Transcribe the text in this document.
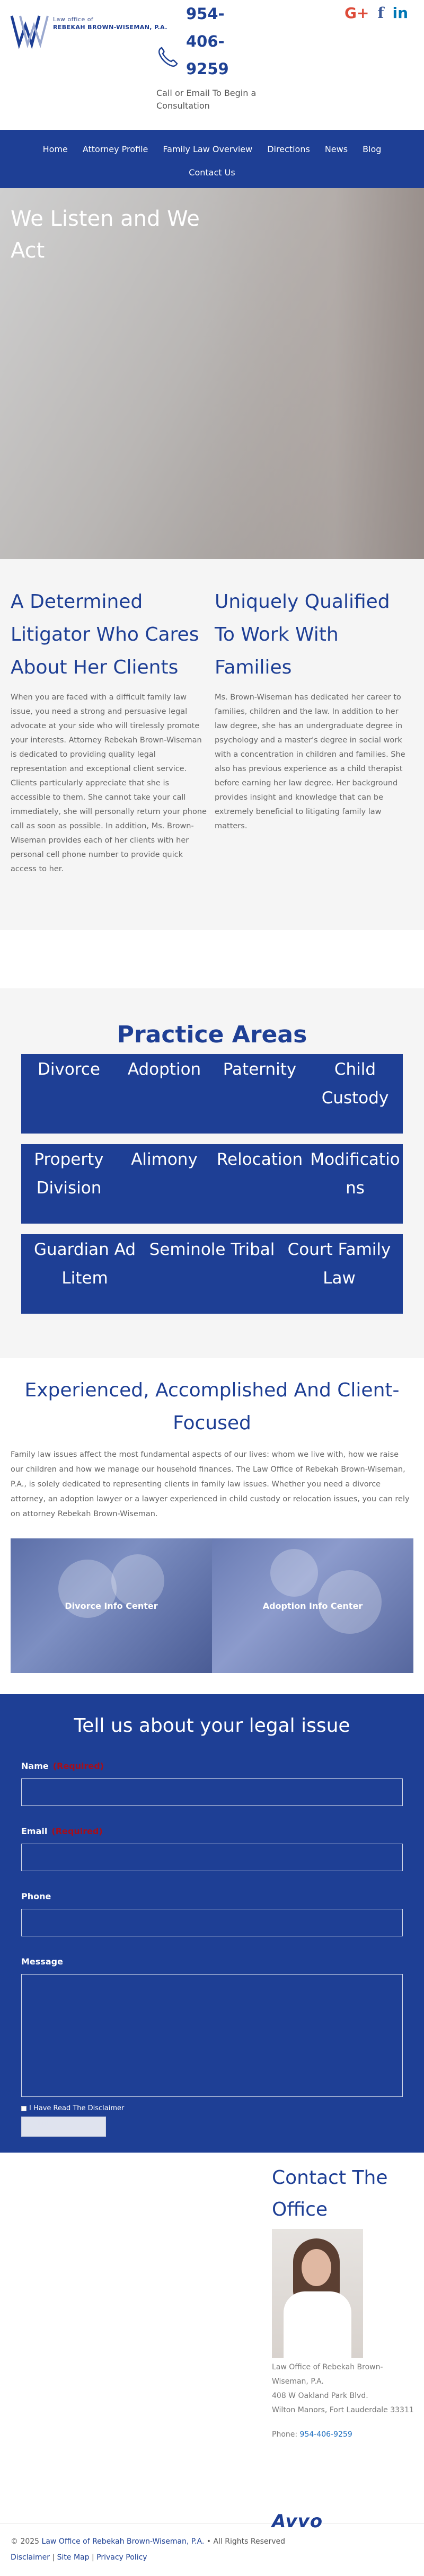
Law office of
REBEKAH BROWN-WISEMAN, P.A.
954-406-9259
Call or Email To Begin a Consultation
G+ f in
Home Attorney Profile Family Law Overview Directions News Blog
Contact Us
We Listen and We Act
A Determined Litigator Who Cares About Her Clients

When you are faced with a difficult family law issue, you need a strong and persuasive legal advocate at your side who will tirelessly promote your interests. Attorney Rebekah Brown-Wiseman is dedicated to providing quality legal representation and exceptional client service. Clients particularly appreciate that she is accessible to them. She cannot take your call immediately, she will personally return your phone call as soon as possible. In addition, Ms. Brown-Wiseman provides each of her clients with her personal cell phone number to provide quick access to her.

Uniquely Qualified To Work With Families

Ms. Brown-Wiseman has dedicated her career to families, children and the law. In addition to her law degree, she has an undergraduate degree in psychology and a master's degree in social work with a concentration in children and families. She also has previous experience as a child therapist before earning her law degree. Her background provides insight and knowledge that can be extremely beneficial to litigating family law matters.

Practice Areas
Divorce	Adoption	Paternity	Child Custody
Property Division
Alimony	Relocation Modifications
Guardian Ad Litem
Seminole Tribal Court Family Law
Experienced, Accomplished And Client-Focused

Family law issues affect the most fundamental aspects of our lives: whom we live with, how we raise our children and how we manage our household finances. The Law Office of Rebekah Brown-Wiseman, P.A., is solely dedicated to representing clients in family law issues. Whether you need a divorce attorney, an adoption lawyer or a lawyer experienced in child custody or relocation issues, you can rely on attorney Rebekah Brown-Wiseman.

Divorce Info Center	Adoption Info Center
Tell us about your legal issue
Name (Required)
Email (Required)
Phone
Message
I Have Read The Disclaimer
Submit
Contact The Office
Law Office of Rebekah Brown-Wiseman, P.A.
408 W Oakland Park Blvd.
Wilton Manors, Fort Lauderdale 33311
Phone: 954-406-9259
Avvo
© 2025 Law Office of Rebekah Brown-Wiseman, P.A. • All Rights Reserved
Disclaimer | Site Map | Privacy Policy
